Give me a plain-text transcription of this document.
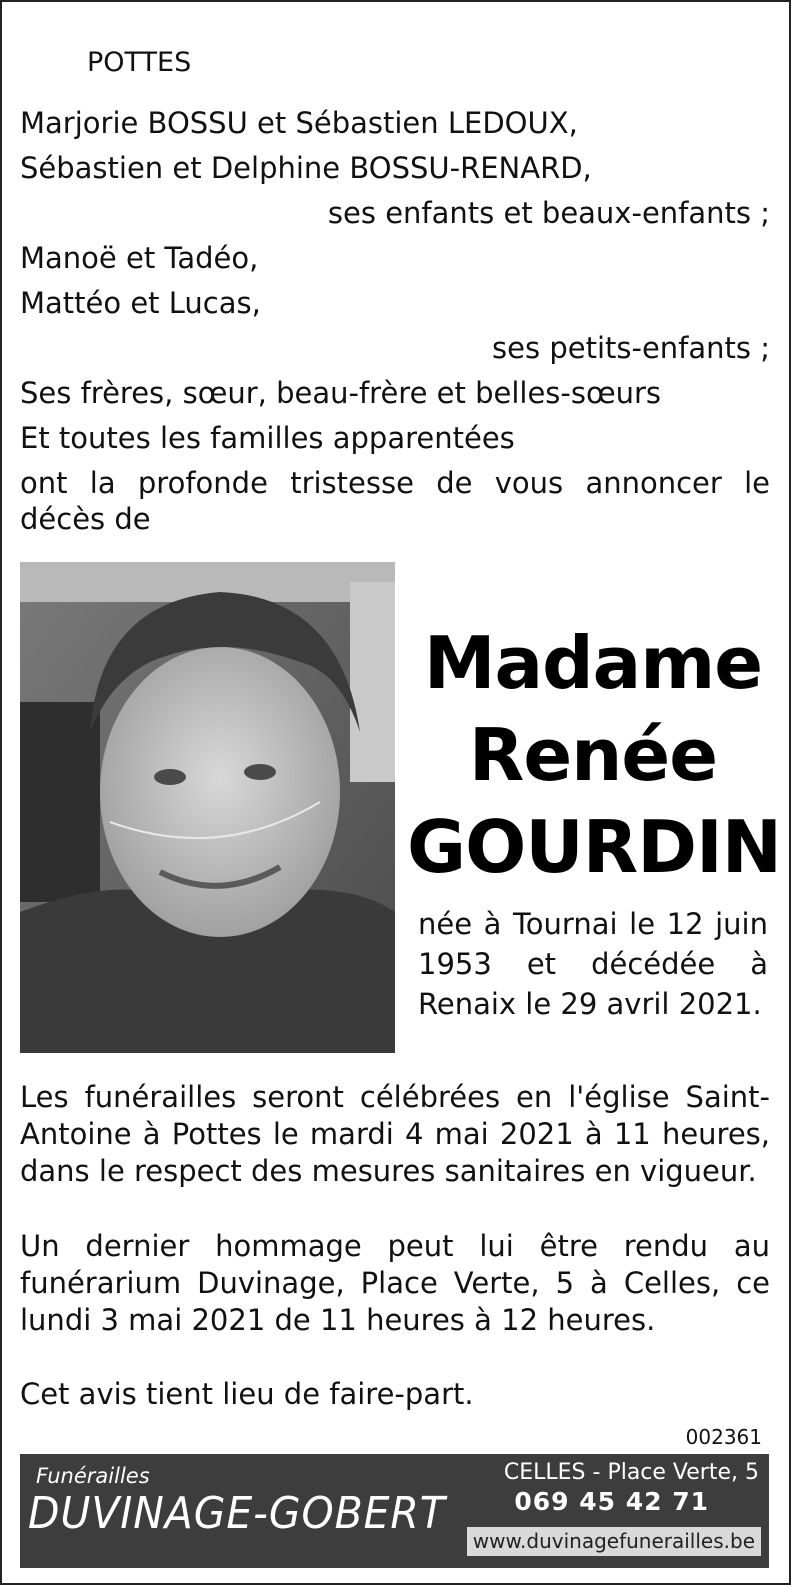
POTTES
Marjorie BOSSU et Sébastien LEDOUX,
Sébastien et Delphine BOSSU-RENARD,
ses enfants et beaux-enfants ;
Manoë et Tadéo,
Mattéo et Lucas,
ses petits-enfants ;
Ses frères, sœur, beau-frère et belles-sœurs
Et toutes les familles apparentées
ont la profonde tristesse de vous annoncer le décès de
Madame
Renée
GOURDIN
née à Tournai le 12 juin 1953 et décédée à Renaix le 29 avril 2021.
Les funérailles seront célébrées en l'église Saint-Antoine à Pottes le mardi 4 mai 2021 à 11 heures, dans le respect des mesures sanitaires en vigueur.
Un dernier hommage peut lui être rendu au funérarium Duvinage, Place Verte, 5 à Celles, ce lundi 3 mai 2021 de 11 heures à 12 heures.
Cet avis tient lieu de faire-part.
002361
Funérailles
DUVINAGE-GOBERT
CELLES - Place Verte, 5
069 45 42 71
www.duvinagefunerailles.be
